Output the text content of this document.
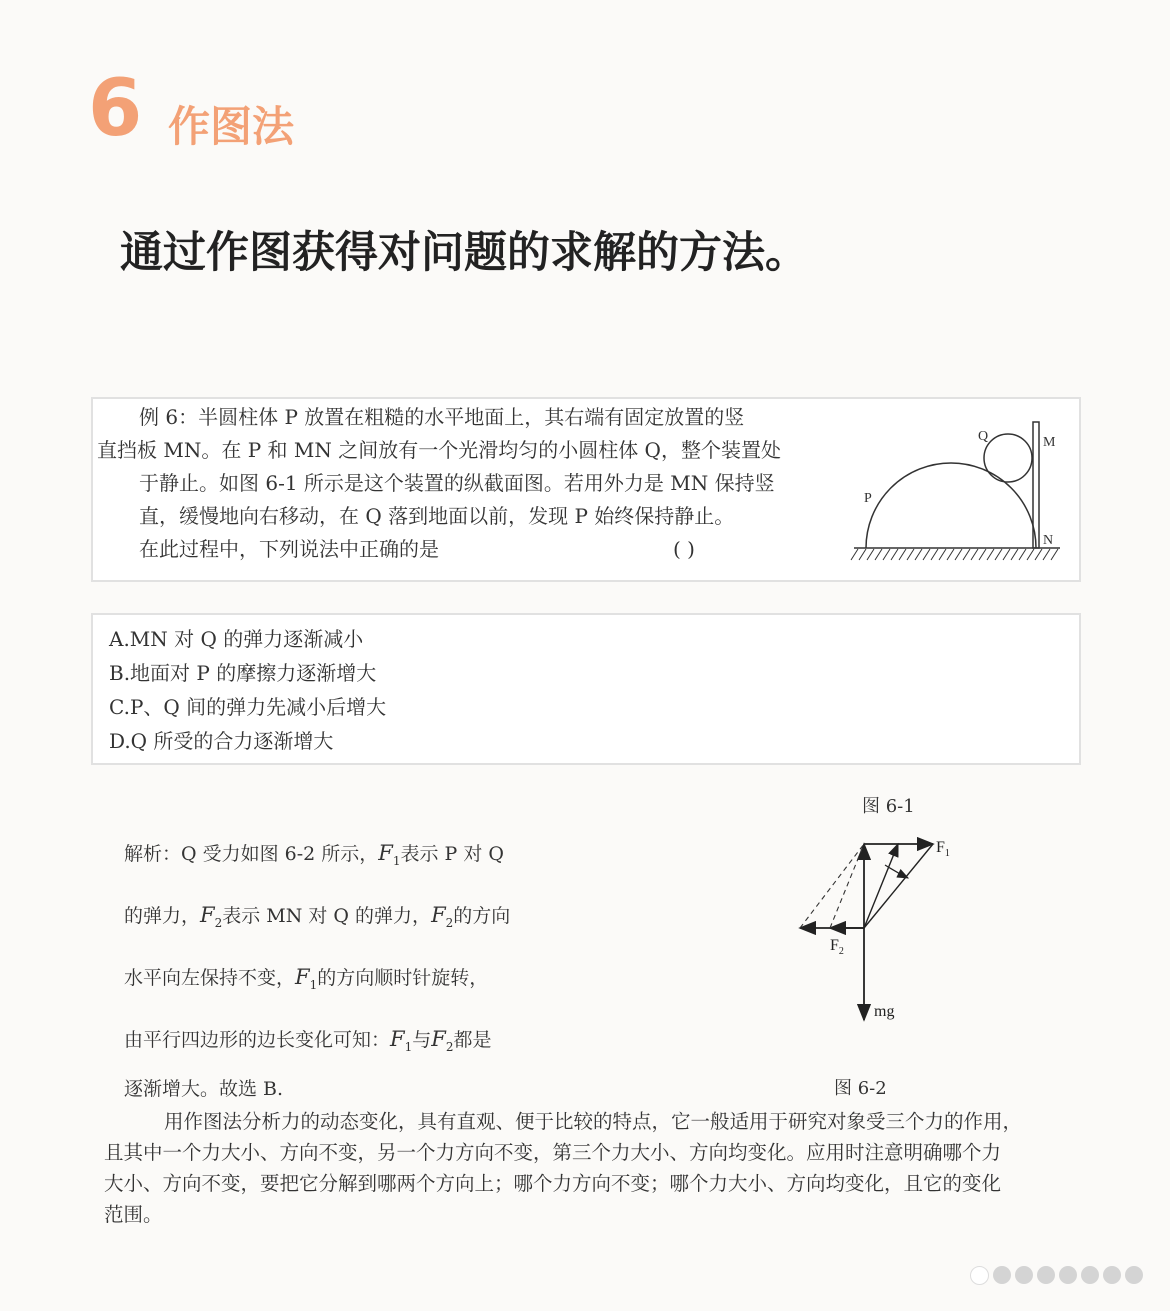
6 作图法
通过作图获得对问题的求解的方法。
例 6：半圆柱体 P 放置在粗糙的水平地面上，其右端有固定放置的竖
直挡板 MN。在 P 和 MN 之间放有一个光滑均匀的小圆柱体 Q，整个装置处
于静止。如图 6-1 所示是这个装置的纵截面图。若用外力是 MN 保持竖
直，缓慢地向右移动，在 Q 落到地面以前，发现 P 始终保持静止。
在此过程中，下列说法中正确的是	( )
Q	M
P
N
A.MN 对 Q 的弹力逐渐减小
B.地面对 P 的摩擦力逐渐增大
C.P、Q 间的弹力先减小后增大
D.Q 所受的合力逐渐增大
图 6-1
解析：Q 受力如图 6-2 所示，$F_1$表示 P 对 Q
的弹力，$F_2$表示 MN 对 Q 的弹力，$F_2$的方向
水平向左保持不变，$F_1$的方向顺时针旋转，
由平行四边形的边长变化可知：$F_1$与$F_2$都是
逐渐增大。故选 B.
$F_1$
$F_2$
mg
图 6-2
用作图法分析力的动态变化，具有直观、便于比较的特点，它一般适用于研究对象受三个力的作用，
且其中一个力大小、方向不变，另一个力方向不变，第三个力大小、方向均变化。应用时注意明确哪个力
大小、方向不变，要把它分解到哪两个方向上；哪个力方向不变；哪个力大小、方向均变化，且它的变化
范围。
